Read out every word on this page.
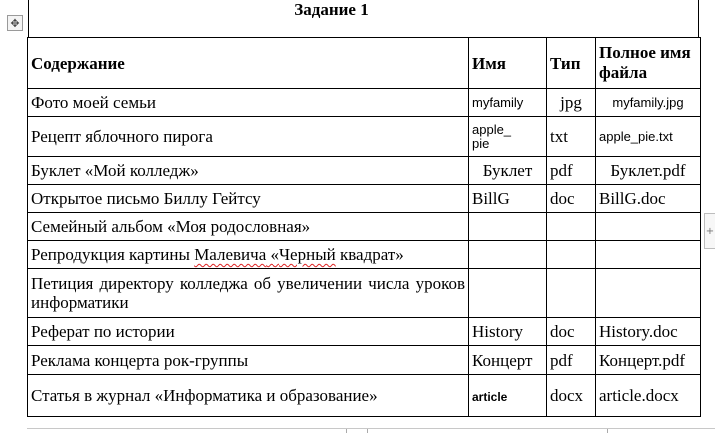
✥
Задание 1
Содержание	Имя	Тип	Полное имя файла
Фото моей семьи	myfamily	jpg	myfamily.jpg
Рецепт яблочного пирога	apple_ pie	txt	apple_pie.txt
Буклет «Мой колледж»	Буклет	pdf	Буклет.pdf
Открытое письмо Биллу Гейтсу	BillG	doc	BillG.doc
Семейный альбом «Моя родословная»			
Репродукция картины Малевича «Черный квадрат»			
Петиция директору колледжа об увеличении числа уроков информатики			
Реферат по истории	History	doc	History.doc
Реклама концерта рок-группы	Концерт	pdf	Концерт.pdf
Статья в журнал «Информатика и образование»	article	docx	article.docx
+
